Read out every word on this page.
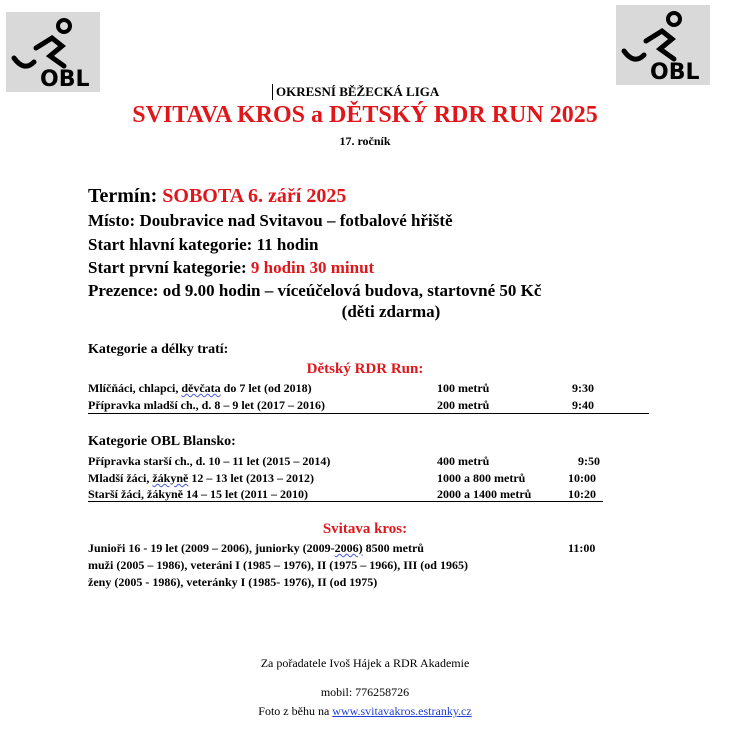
OBL	OBL
OKRESNÍ BĚŽECKÁ LIGA
SVITAVA KROS a DĚTSKÝ RDR RUN 2025
17. ročník
Termín: SOBOTA 6. září 2025
Místo: Doubravice nad Svitavou – fotbalové hřiště
Start hlavní kategorie: 11 hodin
Start první kategorie: 9 hodin 30 minut
Prezence: od 9.00 hodin – víceúčelová budova, startovné 50 Kč
(děti zdarma)
Kategorie a délky tratí:
Dětský RDR Run:
Mlíčňáci, chlapci, děvčata do 7 let (od 2018)	100 metrů	9:30
Přípravka mladší ch., d. 8 – 9 let (2017 – 2016)	200 metrů	9:40
Kategorie OBL Blansko:
Přípravka starší ch., d. 10 – 11 let (2015 – 2014)	400 metrů	9:50
Mladší žáci, žákyně 12 – 13 let (2013 – 2012)	1000 a 800 metrů	10:00
Starší žáci, žákyně 14 – 15 let (2011 – 2010)	2000 a 1400 metrů	10:20
Svitava kros:
Junioři 16 - 19 let (2009 – 2006), juniorky (2009-2006) 8500 metrů	11:00
muži (2005 – 1986), veteráni I (1985 – 1976), II (1975 – 1966), III (od 1965)
ženy (2005 - 1986), veteránky I (1985- 1976), II (od 1975)
Za pořadatele Ivoš Hájek a RDR Akademie
mobil: 776258726
Foto z běhu na www.svitavakros.estranky.cz
